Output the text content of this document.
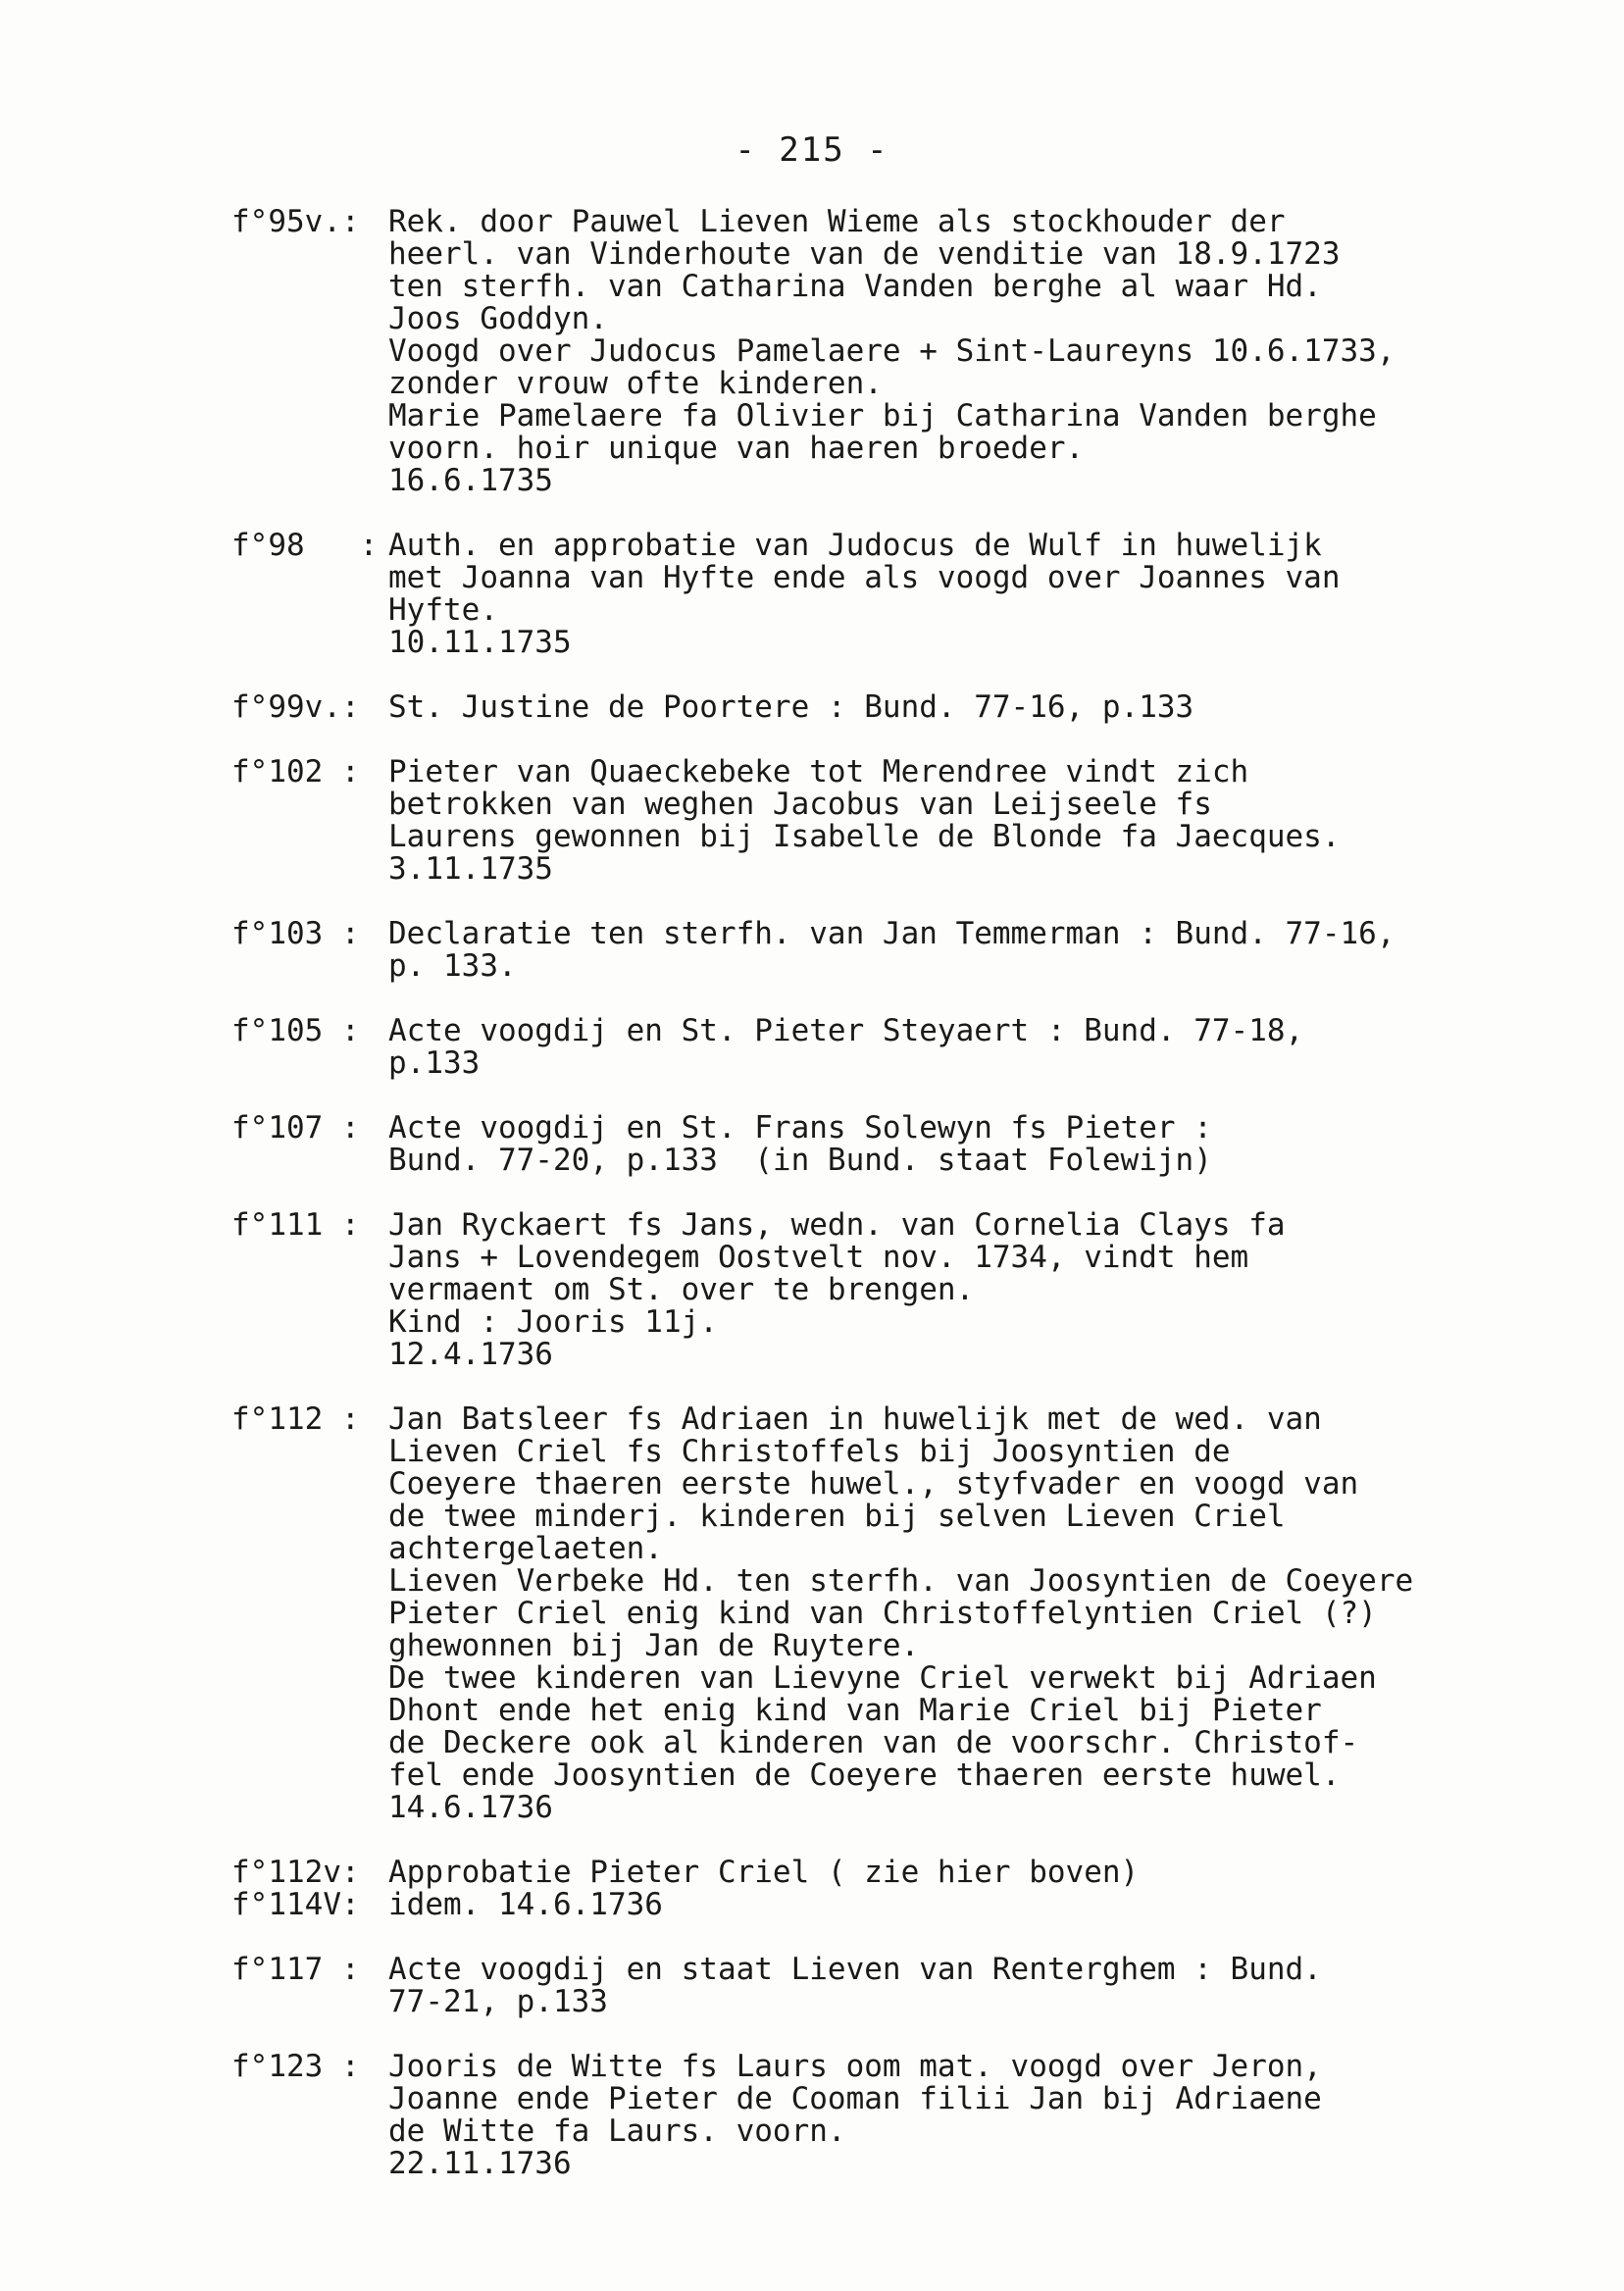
- 215 -
f°95v.: Rek. door Pauwel Lieven Wieme als stockhouder der
heerl. van Vinderhoute van de venditie van 18.9.1723
ten sterfh. van Catharina Vanden berghe al waar Hd.
Joos Goddyn.
Voogd over Judocus Pamelaere + Sint-Laureyns 10.6.1733,
zonder vrouw ofte kinderen.
Marie Pamelaere fa Olivier bij Catharina Vanden berghe
voorn. hoir unique van haeren broeder.
16.6.1735
f°98   : Auth. en approbatie van Judocus de Wulf in huwelijk
met Joanna van Hyfte ende als voogd over Joannes van
Hyfte.
10.11.1735
f°99v.: St. Justine de Poortere : Bund. 77-16, p.133
f°102 : Pieter van Quaeckebeke tot Merendree vindt zich
betrokken van weghen Jacobus van Leijseele fs
Laurens gewonnen bij Isabelle de Blonde fa Jaecques.
3.11.1735
f°103 : Declaratie ten sterfh. van Jan Temmerman : Bund. 77-16,
p. 133.
f°105 : Acte voogdij en St. Pieter Steyaert : Bund. 77-18,
p.133
f°107 : Acte voogdij en St. Frans Solewyn fs Pieter :
Bund. 77-20, p.133  (in Bund. staat Folewijn)
f°111 : Jan Ryckaert fs Jans, wedn. van Cornelia Clays fa
Jans + Lovendegem Oostvelt nov. 1734, vindt hem
vermaent om St. over te brengen.
Kind : Jooris 11j.
12.4.1736
f°112 : Jan Batsleer fs Adriaen in huwelijk met de wed. van
Lieven Criel fs Christoffels bij Joosyntien de
Coeyere thaeren eerste huwel., styfvader en voogd van
de twee minderj. kinderen bij selven Lieven Criel
achtergelaeten.
Lieven Verbeke Hd. ten sterfh. van Joosyntien de Coeyere
Pieter Criel enig kind van Christoffelyntien Criel (?)
ghewonnen bij Jan de Ruytere.
De twee kinderen van Lievyne Criel verwekt bij Adriaen
Dhont ende het enig kind van Marie Criel bij Pieter
de Deckere ook al kinderen van de voorschr. Christof-
fel ende Joosyntien de Coeyere thaeren eerste huwel.
14.6.1736
f°112v: Approbatie Pieter Criel ( zie hier boven)
f°114V: idem. 14.6.1736
f°117 : Acte voogdij en staat Lieven van Renterghem : Bund.
77-21, p.133
f°123 : Jooris de Witte fs Laurs oom mat. voogd over Jeron,
Joanne ende Pieter de Cooman filii Jan bij Adriaene
de Witte fa Laurs. voorn.
22.11.1736
